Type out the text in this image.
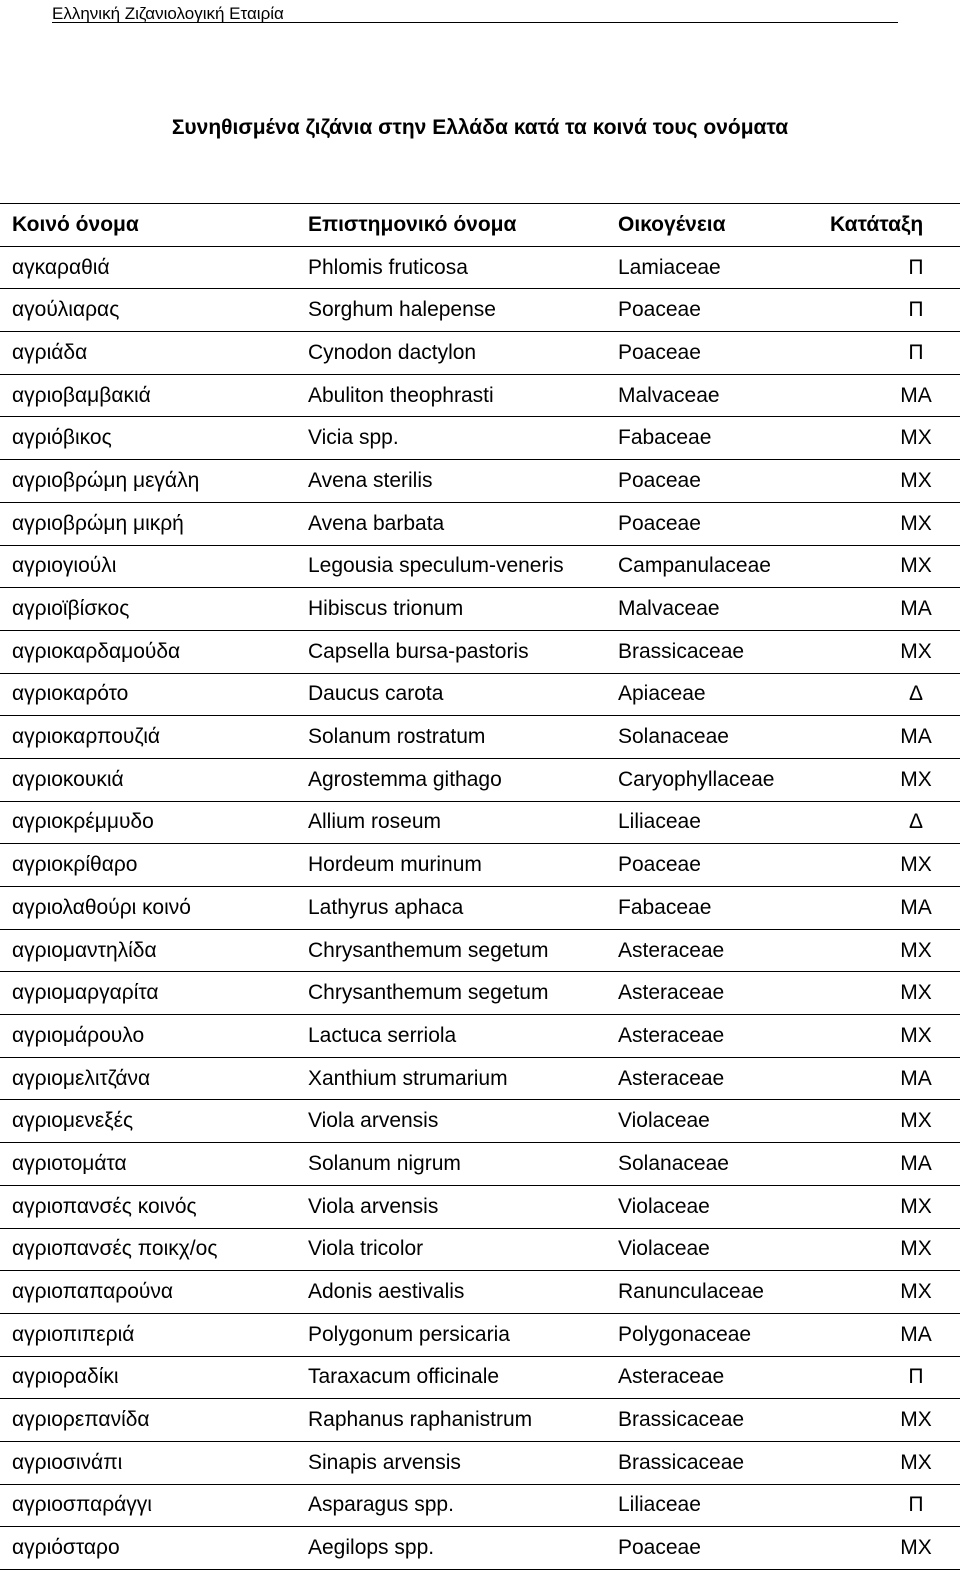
Ελληνική Ζιζανιολογική Εταιρία
Συνηθισμένα ζιζάνια στην Ελλάδα κατά τα κοινά τους ονόματα
Κοινό όνομα	Επιστημονικό όνομα	Οικογένεια	Κατάταξη
αγκαραθιά	Phlomis fruticosa	Lamiaceae	Π
αγούλιαρας	Sorghum halepense	Poaceae	Π
αγριάδα	Cynodon dactylon	Poaceae	Π
αγριοβαμβακιά	Abuliton theophrasti	Malvaceae	ΜΑ
αγριόβικος	Vicia spp.	Fabaceae	ΜΧ
αγριοβρώμη μεγάλη	Avena sterilis	Poaceae	ΜΧ
αγριοβρώμη μικρή	Avena barbata	Poaceae	ΜΧ
αγριογιούλι	Legousia speculum-veneris	Campanulaceae	ΜΧ
αγριοϊβίσκος	Hibiscus trionum	Malvaceae	ΜΑ
αγριοκαρδαμούδα	Capsella bursa-pastoris	Brassicaceae	ΜΧ
αγριοκαρότο	Daucus carota	Apiaceae	Δ
αγριοκαρπουζιά	Solanum rostratum	Solanaceae	ΜΑ
αγριοκουκιά	Agrostemma githago	Caryophyllaceae	ΜΧ
αγριοκρέμμυδο	Allium roseum	Liliaceae	Δ
αγριοκρίθαρο	Hordeum murinum	Poaceae	ΜΧ
αγριολαθούρι κοινό	Lathyrus aphaca	Fabaceae	ΜΑ
αγριομαντηλίδα	Chrysanthemum segetum	Asteraceae	ΜΧ
αγριομαργαρίτα	Chrysanthemum segetum	Asteraceae	ΜΧ
αγριομάρουλο	Lactuca serriola	Asteraceae	ΜΧ
αγριομελιτζάνα	Xanthium strumarium	Asteraceae	ΜΑ
αγριομενεξές	Viola arvensis	Violaceae	ΜΧ
αγριοτομάτα	Solanum nigrum	Solanaceae	ΜΑ
αγριοπανσές κοινός	Viola arvensis	Violaceae	ΜΧ
αγριοπανσές ποικχ/ος	Viola tricolor	Violaceae	ΜΧ
αγριοπαπαρούνα	Adonis aestivalis	Ranunculaceae	ΜΧ
αγριοπιπεριά	Polygonum persicaria	Polygonaceae	ΜΑ
αγριοραδίκι	Taraxacum officinale	Asteraceae	Π
αγριορεπανίδα	Raphanus raphanistrum	Brassicaceae	ΜΧ
αγριοσινάπι	Sinapis arvensis	Brassicaceae	ΜΧ
αγριοσπαράγγι	Asparagus spp.	Liliaceae	Π
αγριόσταρο	Aegilops spp.	Poaceae	ΜΧ
